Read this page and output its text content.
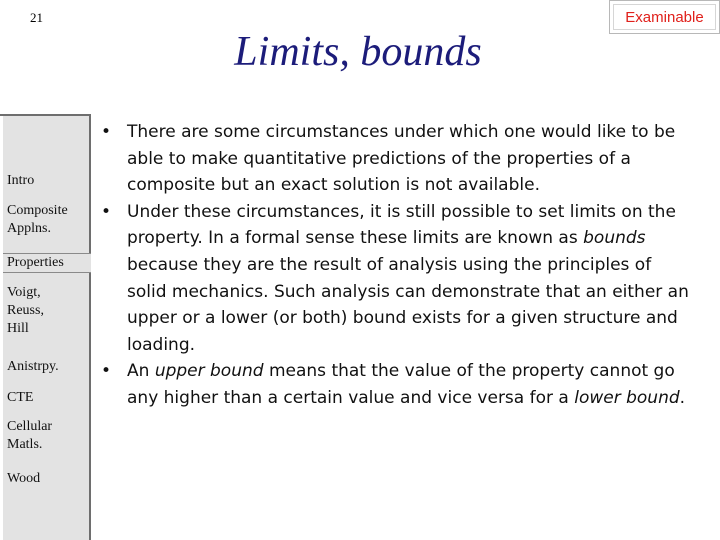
21	Examinable
Limits, bounds
Intro
Composite
Applns.
Properties
Voigt,
Reuss,
Hill
Anistrpy.
CTE
Cellular
Matls.
Wood
• There are some circumstances under which one would like to be able to make quantitative predictions of the properties of a composite but an exact solution is not available.
• Under these circumstances, it is still possible to set limits on the property. In a formal sense these limits are known as bounds because they are the result of analysis using the principles of solid mechanics. Such analysis can demonstrate that an either an upper or a lower (or both) bound exists for a given structure and loading.
• An upper bound means that the value of the property cannot go any higher than a certain value and vice versa for a lower bound.
